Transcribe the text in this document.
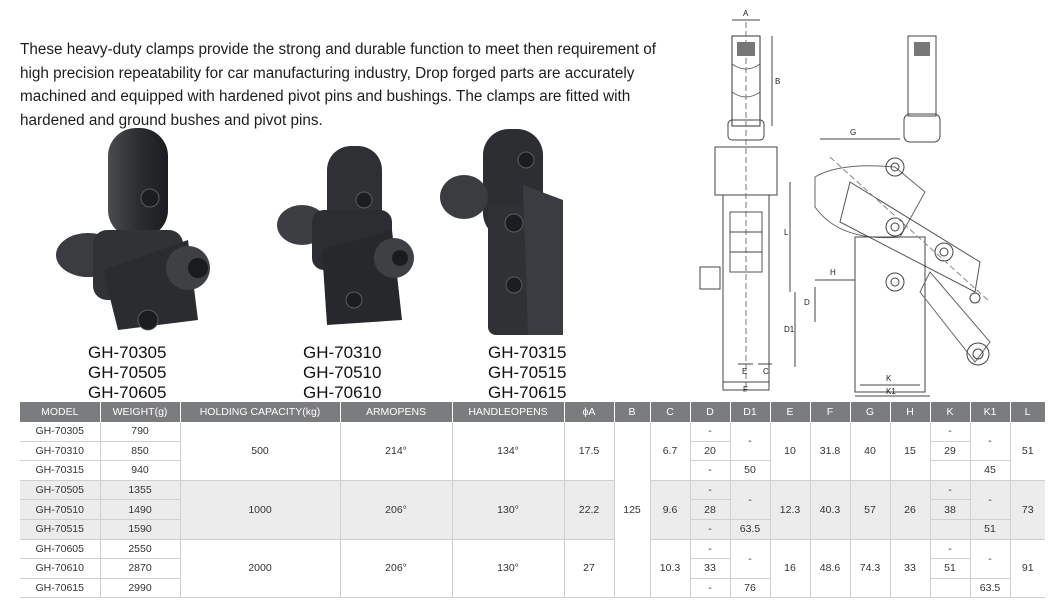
These heavy-duty clamps provide the strong and durable function to meet then requirement of high precision repeatability for car manufacturing industry, Drop forged parts are accurately machined and equipped with hardened pivot pins and bushings. The clamps are fitted with hardened and ground bushes and pivot pins.

GH-70305
GH-70505
GH-70605
GH-70310
GH-70510
GH-70610
GH-70315
GH-70515
GH-70615
A
B
E C
F
G
L
H
D
D1
K
K1
MODEL	WEIGHT(g)	HOLDING CAPACITY(kg)	ARMOPENS	HANDLEOPENS	ϕA	B	C	D	D1	E	F	G	H	K	K1	L
GH-70305	790	500	214°	134°	17.5	125	6.7	-	-	10	31.8	40	15	-	-	51
GH-70310	850							20						29		
GH-70315	940							-	50						45	
GH-70505	1355	1000	206°	130°	22.2		9.6	-	-	12.3	40.3	57	26	-	-	73
GH-70510	1490							28						38		
GH-70515	1590							-	63.5						51	
GH-70605	2550	2000	206°	130°	27		10.3	-	-	16	48.6	74.3	33	-	-	91
GH-70610	2870							33						51		
GH-70615	2990							-	76						63.5	
